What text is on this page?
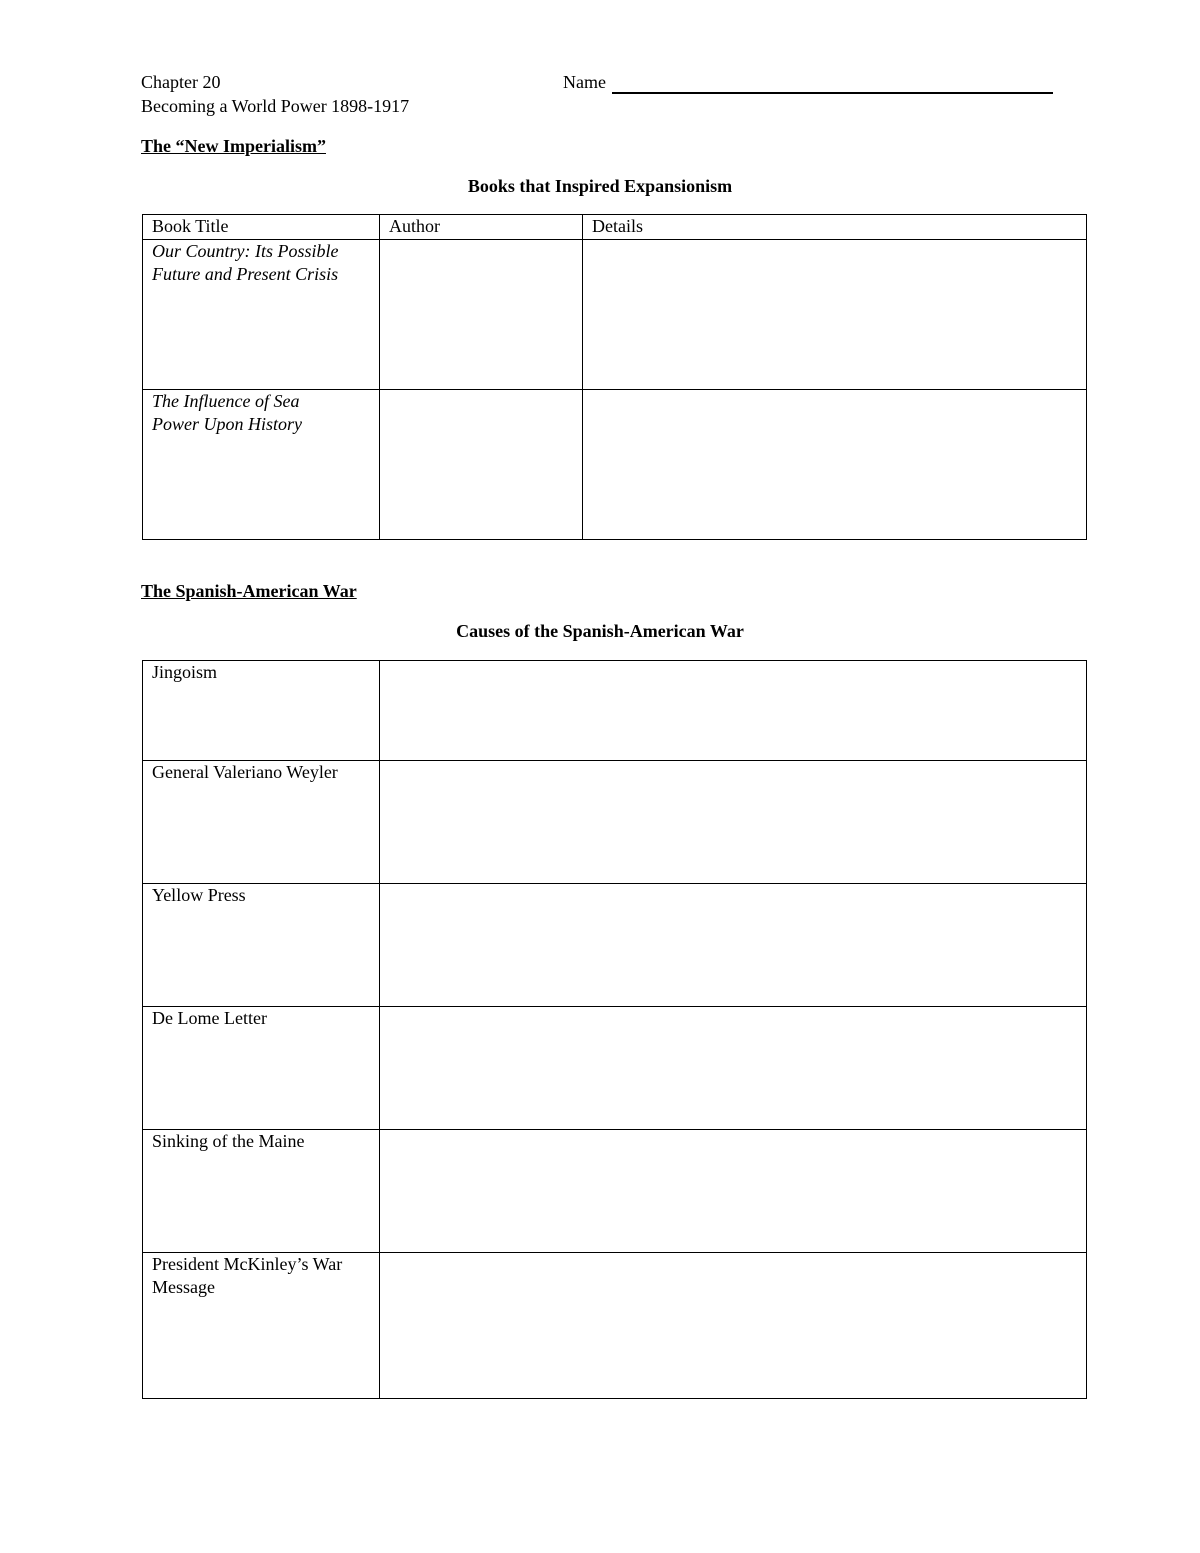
Chapter 20
Becoming a World Power 1898-1917
Name
The “New Imperialism”
Books that Inspired Expansionism
Book Title	Author	Details

Our Country: Its Possible
Future and Present Crisis		

The Influence of Sea
Power Upon History		

The Spanish-American War
Causes of the Spanish-American War
Jingoism	

General Valeriano Weyler	

Yellow Press	

De Lome Letter	

Sinking of the Maine	

President McKinley’s War
Message	
